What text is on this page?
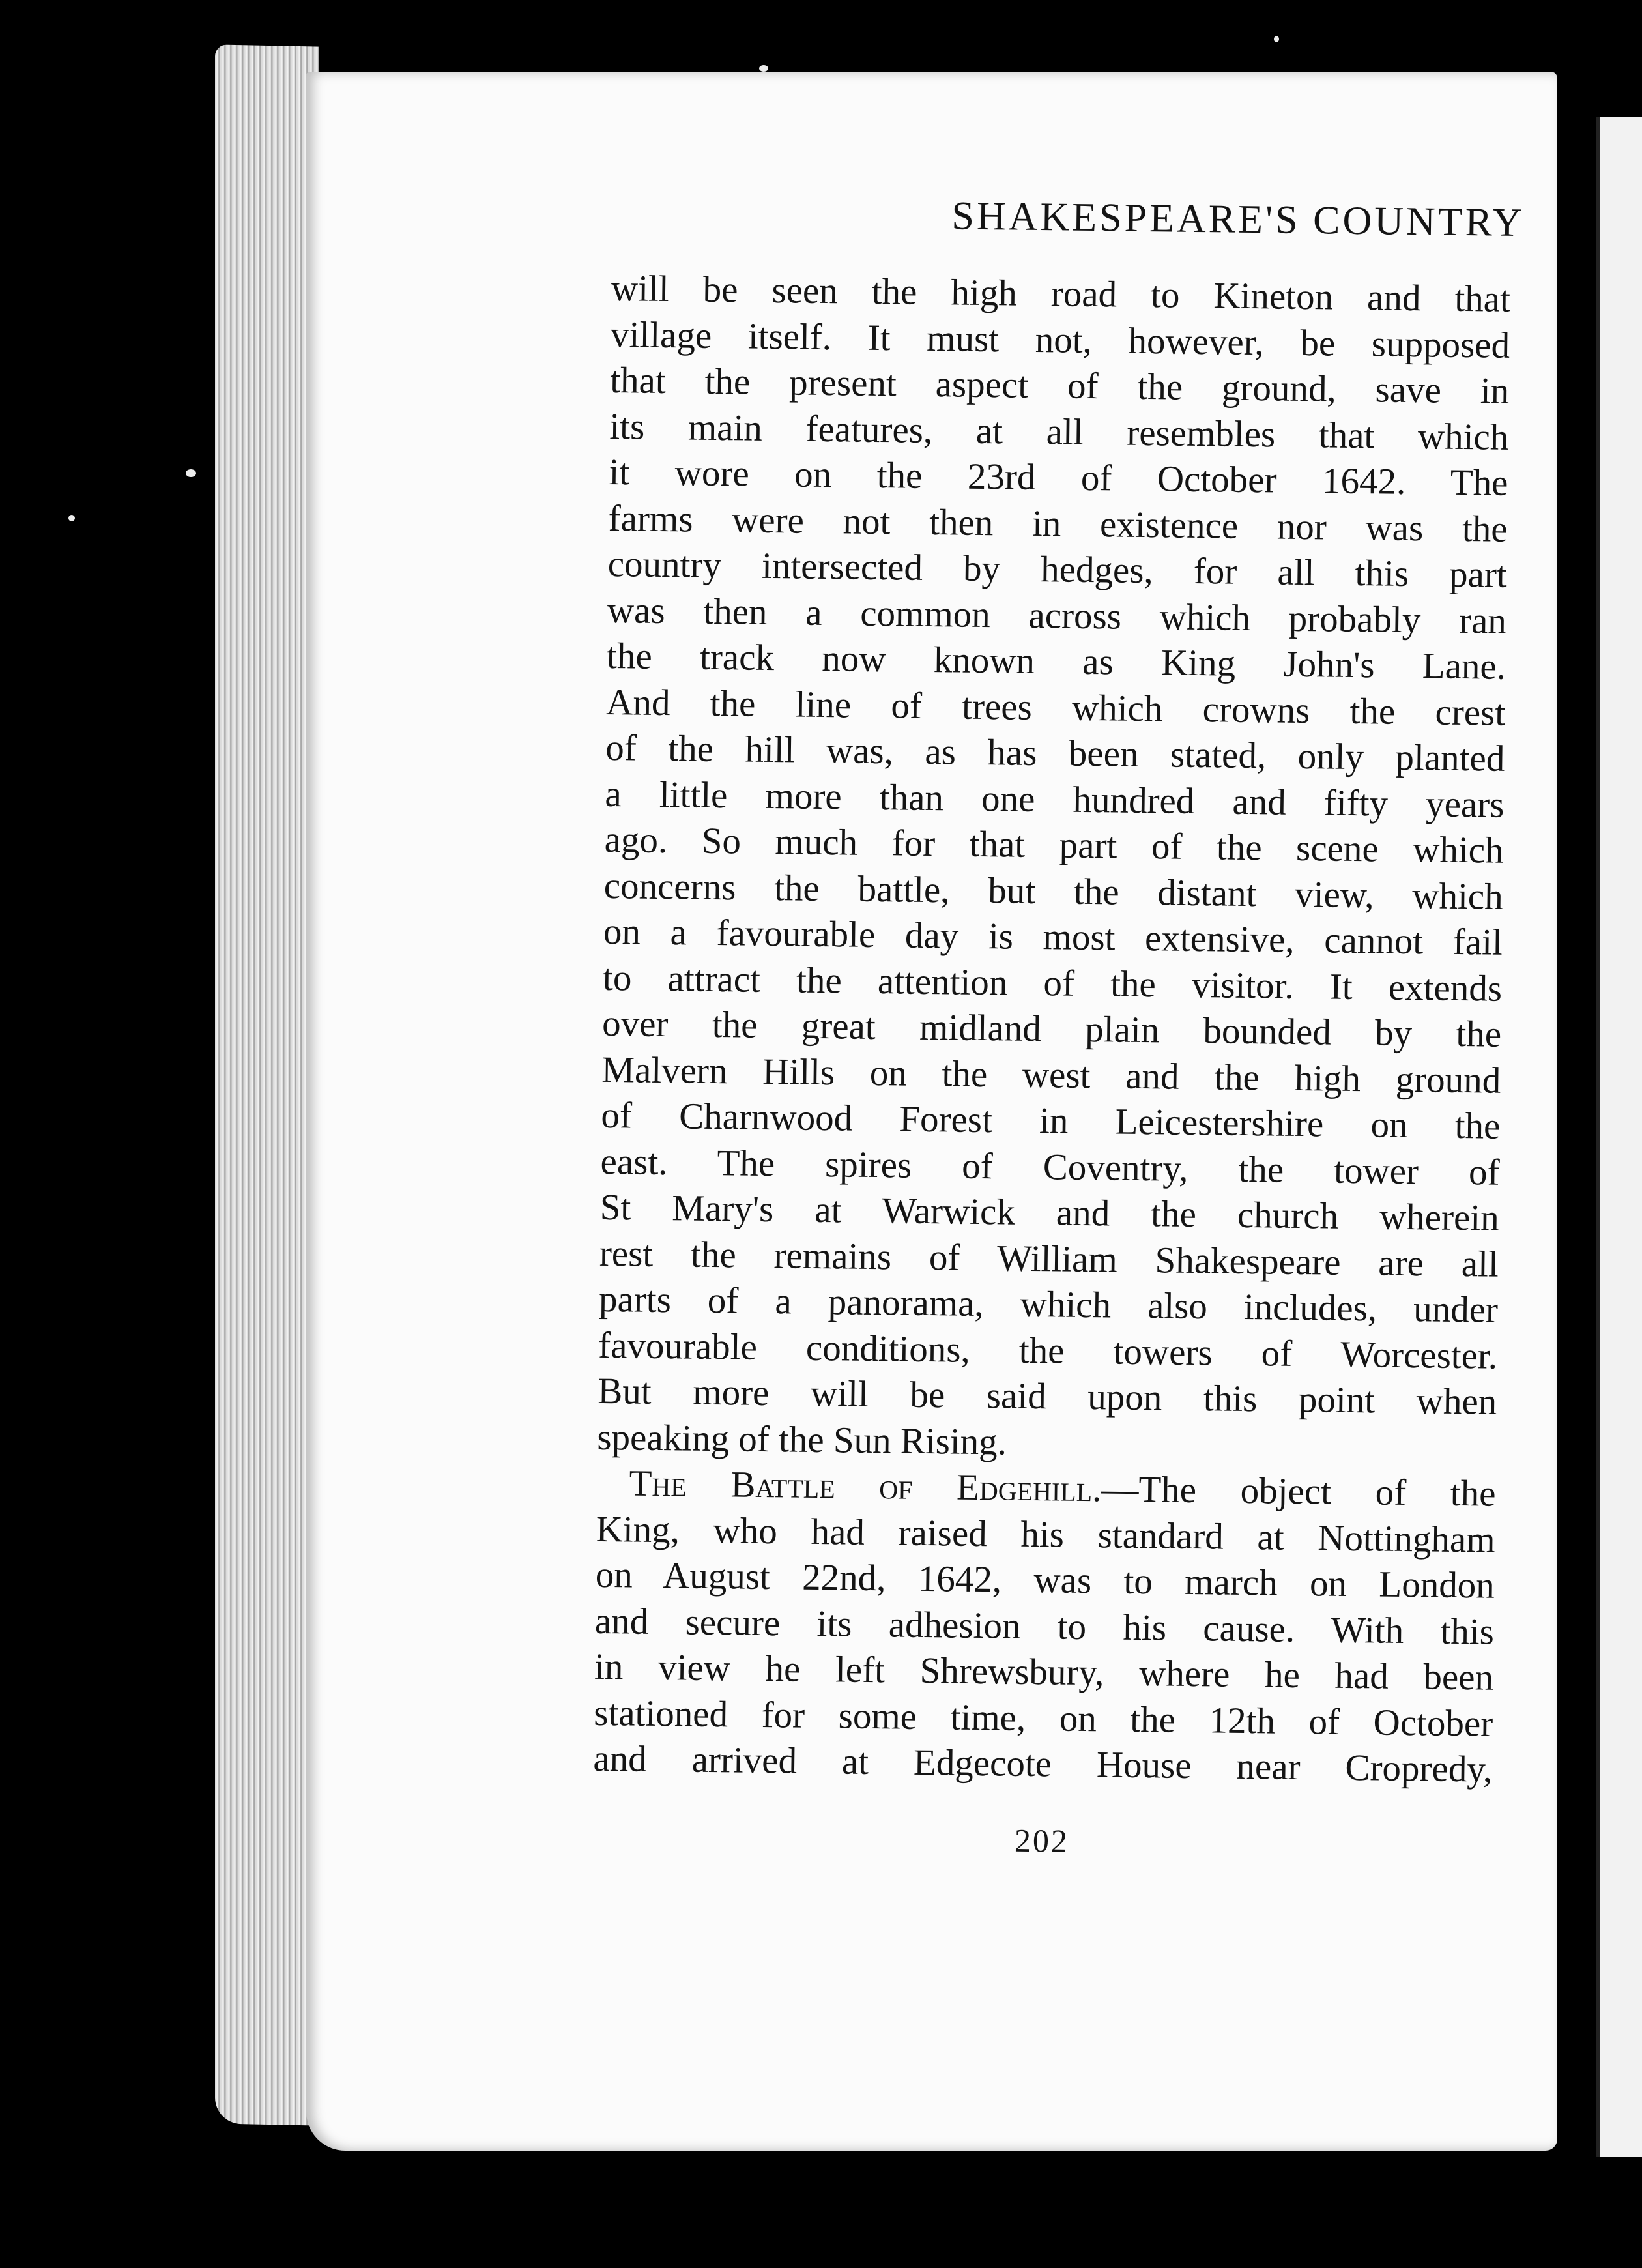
SHAKESPEARE'S COUNTRY
will be seen the high road to Kineton and that
village itself. It must not, however, be supposed
that the present aspect of the ground, save in
its main features, at all resembles that which
it wore on the 23rd of October 1642. The
farms were not then in existence nor was the
country intersected by hedges, for all this part
was then a common across which probably ran
the track now known as King John's Lane.
And the line of trees which crowns the crest
of the hill was, as has been stated, only planted
a little more than one hundred and fifty years
ago. So much for that part of the scene which
concerns the battle, but the distant view, which
on a favourable day is most extensive, cannot fail
to attract the attention of the visitor. It extends
over the great midland plain bounded by the
Malvern Hills on the west and the high ground
of Charnwood Forest in Leicestershire on the
east. The spires of Coventry, the tower of
St Mary's at Warwick and the church wherein
rest the remains of William Shakespeare are all
parts of a panorama, which also includes, under
favourable conditions, the towers of Worcester.
But more will be said upon this point when
speaking of the Sun Rising.
The Battle of Edgehill.—The object of the
King, who had raised his standard at Nottingham
on August 22nd, 1642, was to march on London
and secure its adhesion to his cause. With this
in view he left Shrewsbury, where he had been
stationed for some time, on the 12th of October
and arrived at Edgecote House near Cropredy,
202
